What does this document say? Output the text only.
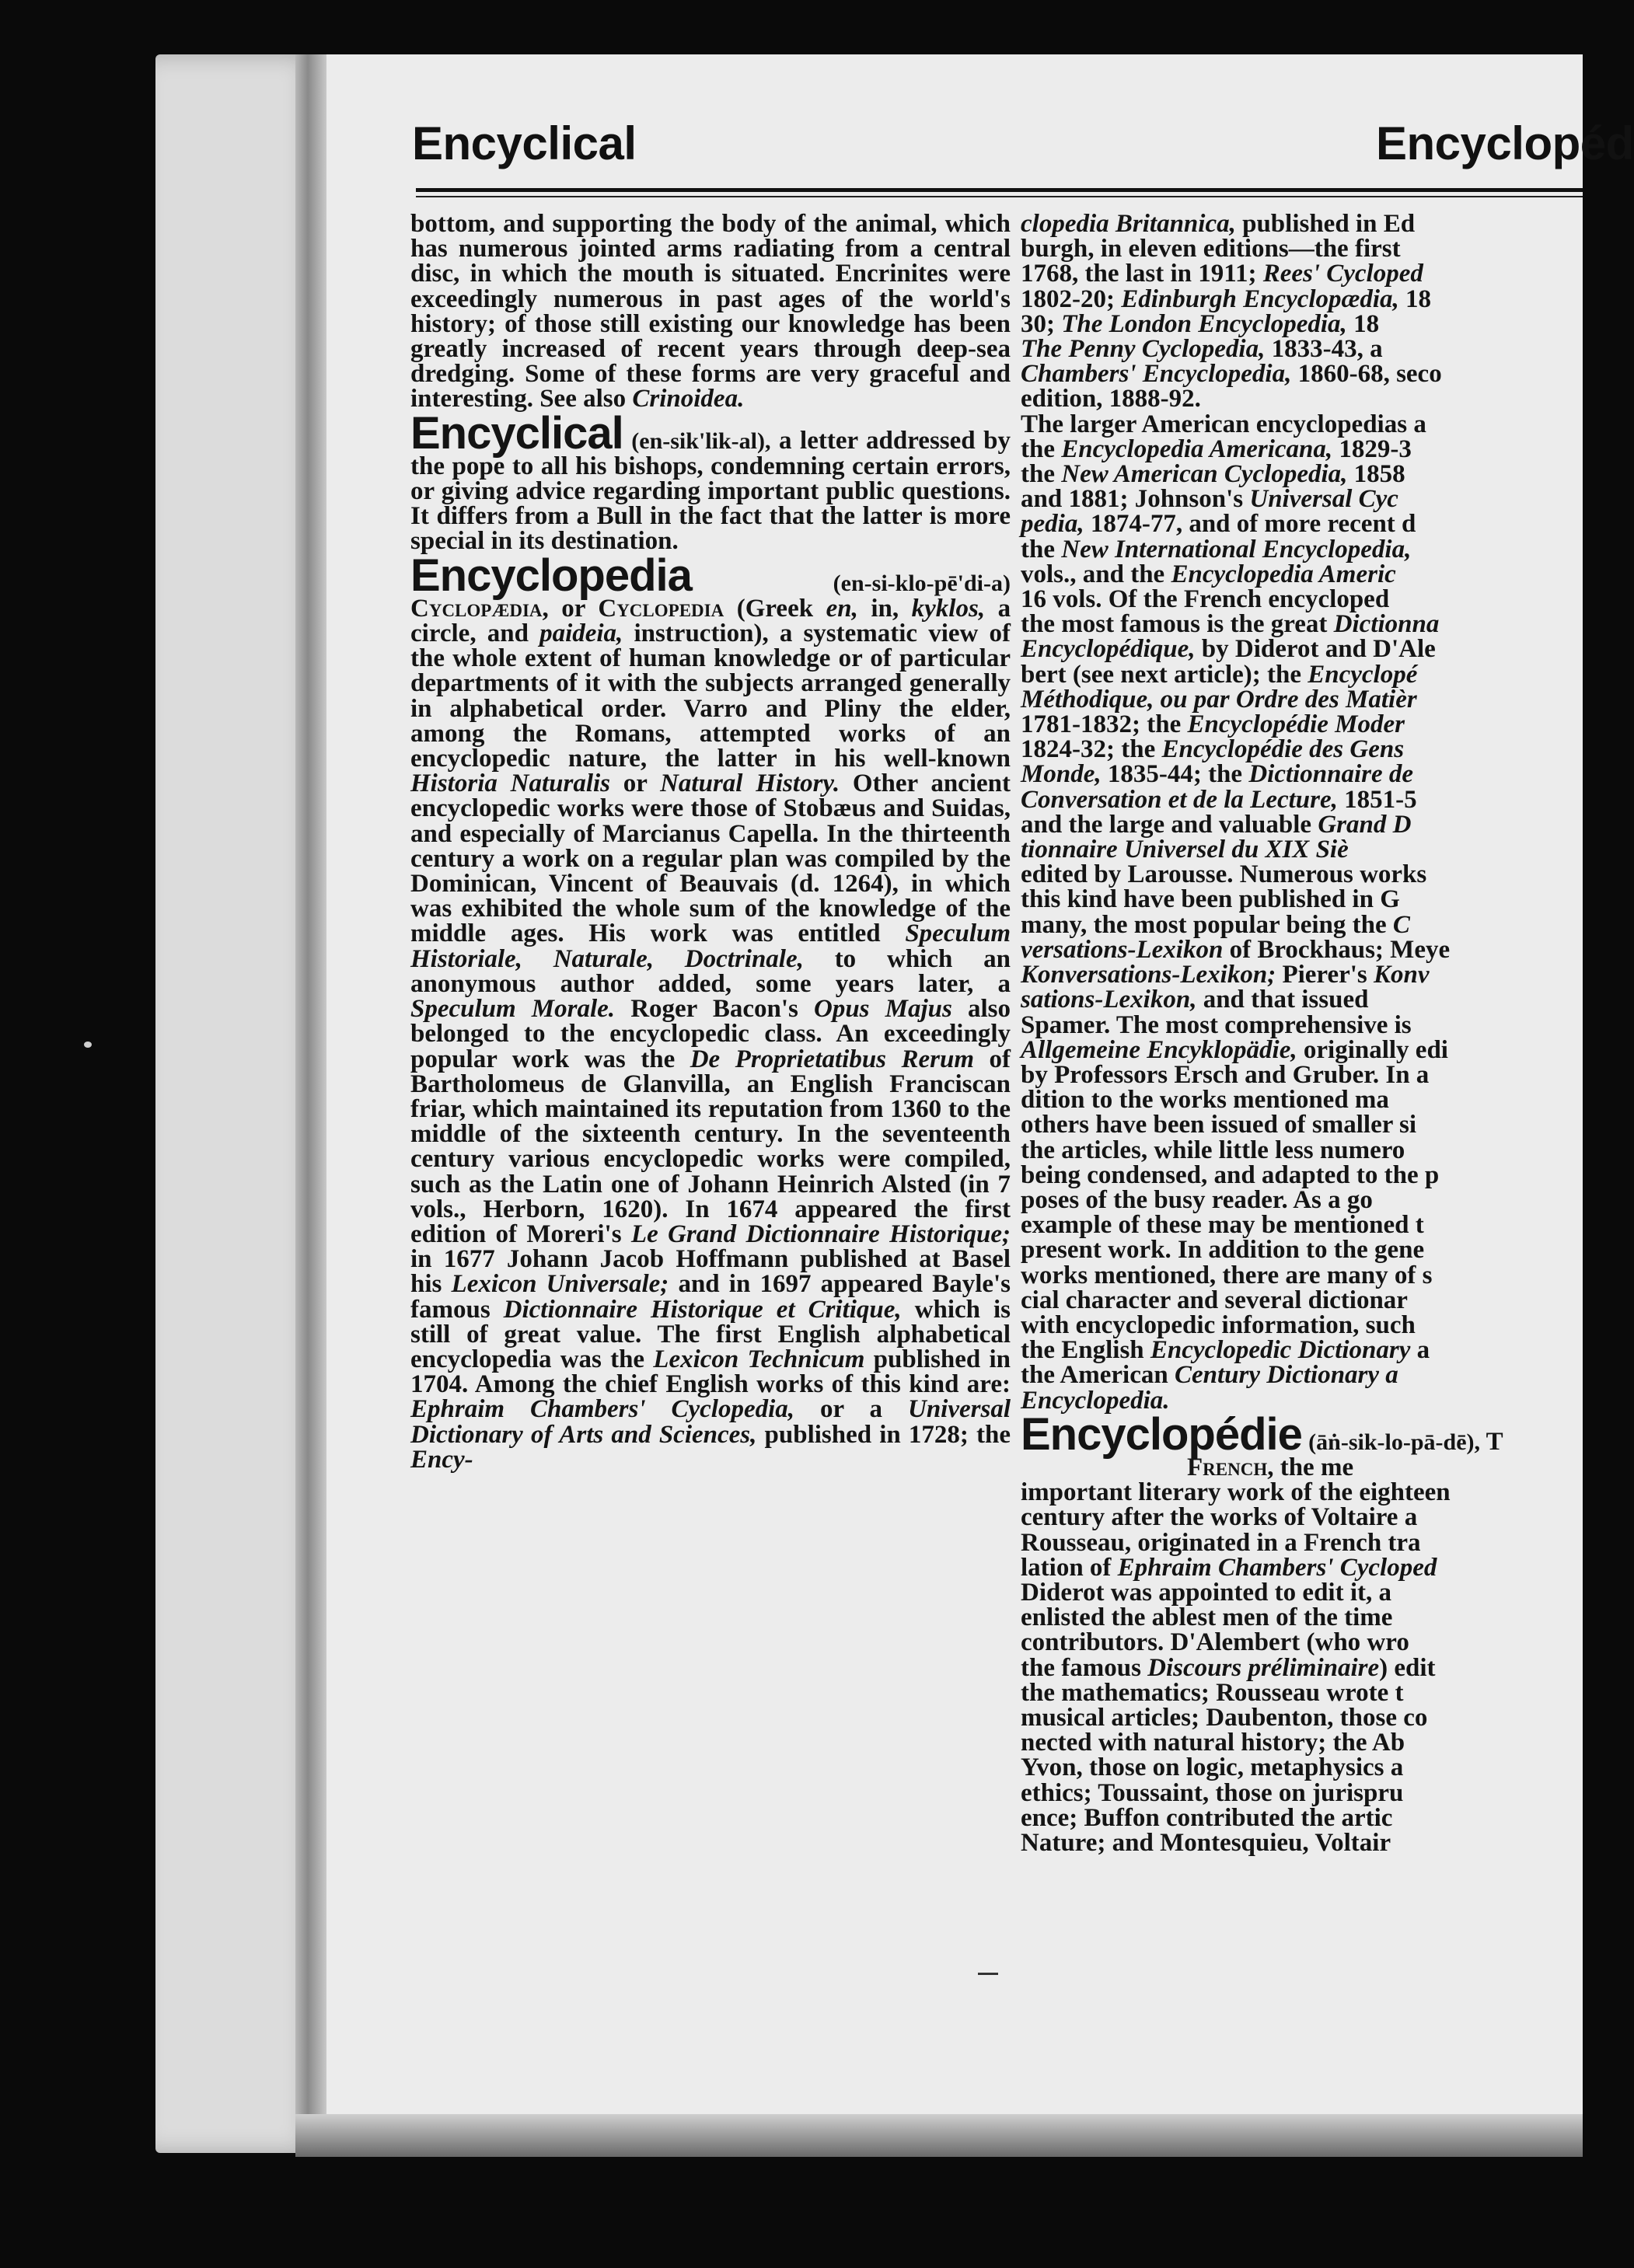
Encyclical	Encyclopéd

bottom, and supporting the body of the animal, which has numerous jointed arms radiating from a central disc, in which the mouth is situated. Encrinites were exceedingly numerous in past ages of the world's history; of those still existing our knowledge has been greatly increased of recent years through deep-sea dredging. Some of these forms are very graceful and interesting. See also Crinoidea.

Encyclical (en-sik'lik-al), a letter addressed by the pope to all his bishops, condemning certain errors, or giving advice regarding important public questions. It differs from a Bull in the fact that the latter is more special in its destination.

Encyclopedia	(en-si-klo-pē'di-a) Cyclopædia, or Cyclopedia (Greek en, in, kyklos, a circle, and paideia, instruction), a systematic view of the whole extent of human knowledge or of particular departments of it with the subjects arranged generally in alphabetical order. Varro and Pliny the elder, among the Romans, attempted works of an encyclopedic nature, the latter in his well-known Historia Naturalis or Natural History. Other ancient encyclopedic works were those of Stobæus and Suidas, and especially of Marcianus Capella. In the thirteenth century a work on a regular plan was compiled by the Dominican, Vincent of Beauvais (d. 1264), in which was exhibited the whole sum of the knowledge of the middle ages. His work was entitled Speculum Historiale, Naturale, Doctrinale, to which an anonymous author added, some years later, a Speculum Morale. Roger Bacon's Opus Majus also belonged to the encyclopedic class. An exceedingly popular work was the De Proprietatibus Rerum of Bartholomeus de Glanvilla, an English Franciscan friar, which maintained its reputation from 1360 to the middle of the sixteenth century. In the seventeenth century various encyclopedic works were compiled, such as the Latin one of Johann Heinrich Alsted (in 7 vols., Herborn, 1620). In 1674 appeared the first edition of Moreri's Le Grand Dictionnaire Historique; in 1677 Johann Jacob Hoffmann published at Basel his Lexicon Universale; and in 1697 appeared Bayle's famous Dictionnaire Historique et Critique, which is still of great value. The first English alphabetical encyclopedia was the Lexicon Technicum published in 1704. Among the chief English works of this kind are: Ephraim Chambers' Cyclopedia, or a Universal Dictionary of Arts and Sciences, published in 1728; the Ency-

clopedia Britannica, published in Ed
burgh, in eleven editions—the first
1768, the last in 1911; Rees' Cycloped
1802-20; Edinburgh Encyclopædia, 18
30; The London Encyclopedia, 18
The Penny Cyclopedia, 1833-43, a
Chambers' Encyclopedia, 1860-68, seco
edition, 1888-92.
The larger American encyclopedias a
the Encyclopedia Americana, 1829-3
the New American Cyclopedia, 1858
and 1881; Johnson's Universal Cyc
pedia, 1874-77, and of more recent d
the New International Encyclopedia,
vols., and the Encyclopedia Americ
16 vols. Of the French encycloped
the most famous is the great Dictionna
Encyclopédique, by Diderot and D'Ale
bert (see next article); the Encyclopé
Méthodique, ou par Ordre des Matièr
1781-1832; the Encyclopédie Moder
1824-32; the Encyclopédie des Gens
Monde, 1835-44; the Dictionnaire de
Conversation et de la Lecture, 1851-5
and the large and valuable Grand D
tionnaire Universel du XIX Siè
edited by Larousse. Numerous works
this kind have been published in G
many, the most popular being the C
versations-Lexikon of Brockhaus; Meye
Konversations-Lexikon; Pierer's Konv
sations-Lexikon, and that issued
Spamer. The most comprehensive is
Allgemeine Encyklopädie, originally edi
by Professors Ersch and Gruber. In a
dition to the works mentioned ma
others have been issued of smaller si
the articles, while little less numero
being condensed, and adapted to the p
poses of the busy reader. As a go
example of these may be mentioned t
present work. In addition to the gene
works mentioned, there are many of s
cial character and several dictionar
with encyclopedic information, such
the English Encyclopedic Dictionary a
the American Century Dictionary a
Encyclopedia.
Encyclopédie (āṅ-sik-lo-pā-dē), T
French, the me
important literary work of the eighteen
century after the works of Voltaire a
Rousseau, originated in a French tra
lation of Ephraim Chambers' Cycloped
Diderot was appointed to edit it, a
enlisted the ablest men of the time
contributors. D'Alembert (who wro
the famous Discours préliminaire) edit
the mathematics; Rousseau wrote t
musical articles; Daubenton, those co
nected with natural history; the Ab
Yvon, those on logic, metaphysics a
ethics; Toussaint, those on jurispru
ence; Buffon contributed the artic
Nature; and Montesquieu, Voltair
